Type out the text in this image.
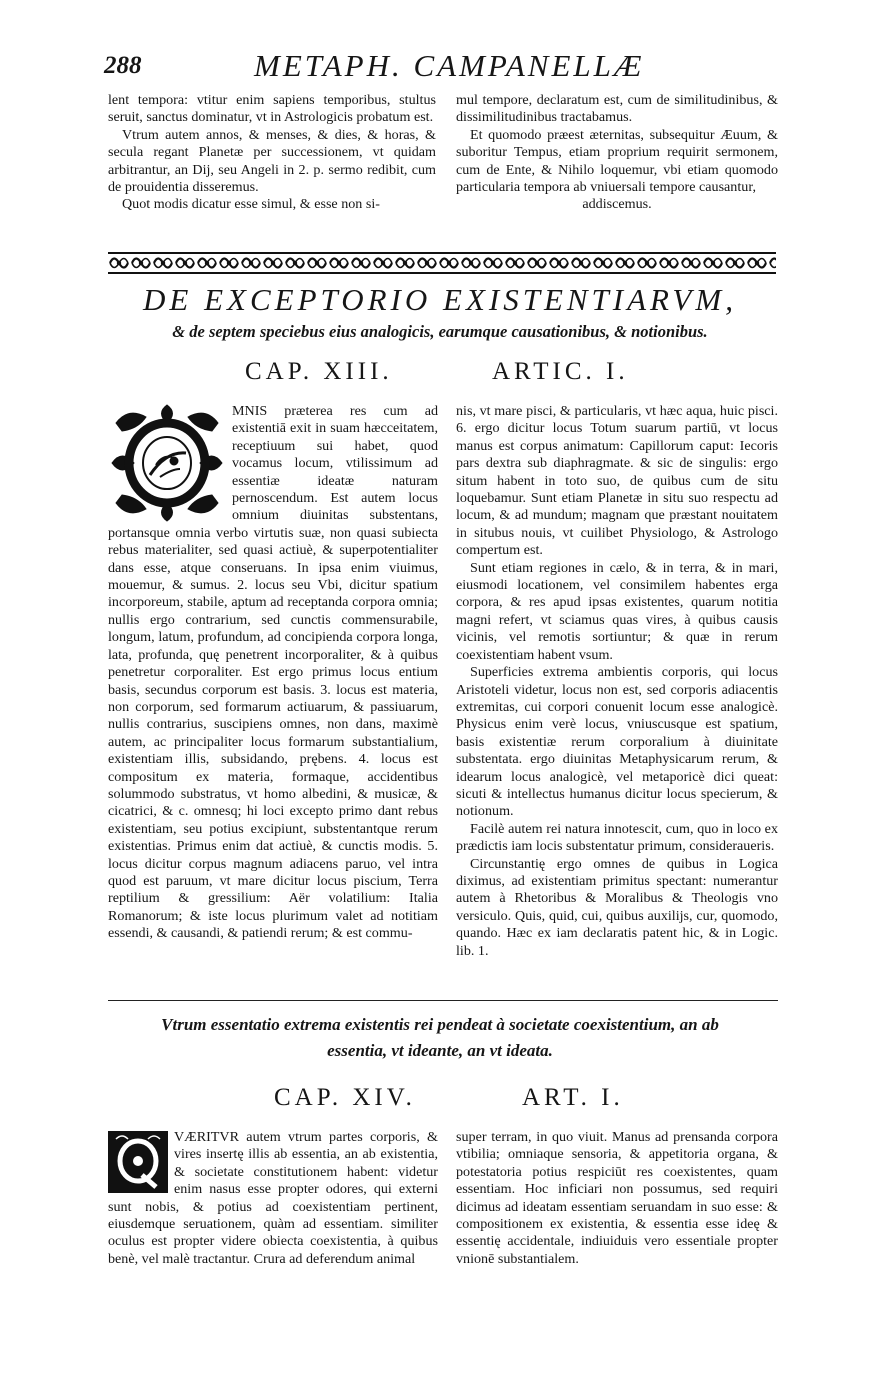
288	METAPH. CAMPANELLÆ

lent tempora: vtitur enim sapiens temporibus, stultus seruit, sanctus dominatur, vt in Astrologicis probatum est.

Vtrum autem annos, & menses, & dies, & horas, & secula regant Planetæ per successionem, vt quidam arbitrantur, an Dij, seu Angeli in 2. p. sermo redibit, cum de prouidentia disseremus.

Quot modis dicatur esse simul, & esse non si-

mul tempore, declaratum est, cum de similitudinibus, & dissimilitudinibus tractabamus.

Et quomodo præest æternitas, subsequitur Æuum, & suboritur Tempus, etiam proprium requirit sermonem, cum de Ente, & Nihilo loquemur, vbi etiam quomodo particularia tempora ab vniuersali tempore causantur,

addiscemus.

DE EXCEPTORIO EXISTENTIARVM,
& de septem speciebus eius analogicis, earumque causationibus, & notionibus.
CAP. XIII.	ARTIC. I.

MNIS præterea res cum ad existentiā exit in suam hæcceitatem, receptiuum sui habet, quod vocamus locum, vtilissimum ad essentiæ ideatæ naturam pernoscendum. Est autem locus omnium diuinitas substentans, portansque omnia verbo virtutis suæ, non quasi subiecta rebus materialiter, sed quasi actiuè, & superpotentialiter dans esse, atque conseruans. In ipsa enim viuimus, mouemur, & sumus. 2. locus seu Vbi, dicitur spatium incorporeum, stabile, aptum ad receptanda corpora omnia; nullis ergo contrarium, sed cunctis commensurabile, longum, latum, profundum, ad concipienda corpora longa, lata, profunda, quę penetrent incorporaliter, & à quibus penetretur corporaliter. Est ergo primus locus entium basis, secundus corporum est basis. 3. locus est materia, non corporum, sed formarum actiuarum, & passiuarum, nullis contrarius, suscipiens omnes, non dans, maximè autem, ac principaliter locus formarum substantialium, existentiam illis, subsidando, prębens. 4. locus est compositum ex materia, formaque, accidentibus solummodo substratus, vt homo albedini, & musicæ, & cicatrici, & c. omnesq; hi loci excepto primo dant rebus existentiam, seu potius excipiunt, substentantque rerum existentias. Primus enim dat actiuè, & cunctis modis. 5. locus dicitur corpus magnum adiacens paruo, vel intra quod est paruum, vt mare dicitur locus piscium, Terra reptilium & gressilium: Aër volatilium: Italia Romanorum; & iste locus plurimum valet ad notitiam essendi, & causandi, & patiendi rerum; & est commu-

nis, vt mare pisci, & particularis, vt hæc aqua, huic pisci. 6. ergo dicitur locus Totum suarum partiū, vt locus manus est corpus animatum: Capillorum caput: Iecoris pars dextra sub diaphragmate. & sic de singulis: ergo situm habent in toto suo, de quibus cum de situ loquebamur. Sunt etiam Planetæ in situ suo respectu ad locum, & ad mundum; magnam que præstant nouitatem in situbus nouis, vt cuilibet Physiologo, & Astrologo compertum est.

Sunt etiam regiones in cælo, & in terra, & in mari, eiusmodi locationem, vel consimilem habentes erga corpora, & res apud ipsas existentes, quarum notitia magni refert, vt sciamus quas vires, à quibus causis vicinis, vel remotis sortiuntur; & quæ in rerum coexistentiam habent vsum.

Superficies extrema ambientis corporis, qui locus Aristoteli videtur, locus non est, sed corporis adiacentis extremitas, cui corpori conuenit locum esse analogicè. Physicus enim verè locus, vniuscusque est spatium, basis existentiæ rerum corporalium à diuinitate substentata. ergo diuinitas Metaphysicarum rerum, & idearum locus analogicè, vel metaporicè dici queat: sicuti & intellectus humanus dicitur locus specierum, & notionum.

Facilè autem rei natura innotescit, cum, quo in loco ex prædictis iam locis substentatur primum, consideraueris.

Circunstantię ergo omnes de quibus in Logica diximus, ad existentiam primitus spectant: numerantur autem à Rhetoribus & Moralibus & Theologis vno versiculo. Quis, quid, cui, quibus auxilijs, cur, quomodo, quando. Hæc ex iam declaratis patent hic, & in Logic. lib. 1.

Vtrum essentatio extrema existentis rei pendeat à societate coexistentium, an ab
essentia, vt ideante, an vt ideata.
CAP. XIV.	ART. I.

VÆRITVR autem vtrum partes corporis, & vires insertę illis ab essentia, an ab existentia, & societate constitutionem habent: videtur enim nasus esse propter odores, qui externi sunt nobis, & potius ad coexistentiam pertinent, eiusdemque seruationem, quàm ad essentiam. similiter oculus est propter videre obiecta coexistentia, à quibus benè, vel malè tractantur. Crura ad deferendum animal

super terram, in quo viuit. Manus ad prensanda corpora vtibilia; omniaque sensoria, & appetitoria organa, & potestatoria potius respiciūt res coexistentes, quam essentiam. Hoc inficiari non possumus, sed requiri dicimus ad ideatam essentiam seruandam in suo esse: & compositionem ex existentia, & essentia esse ideę & essentię accidentale, indiuiduis vero essentiale propter vnionē substantialem.
